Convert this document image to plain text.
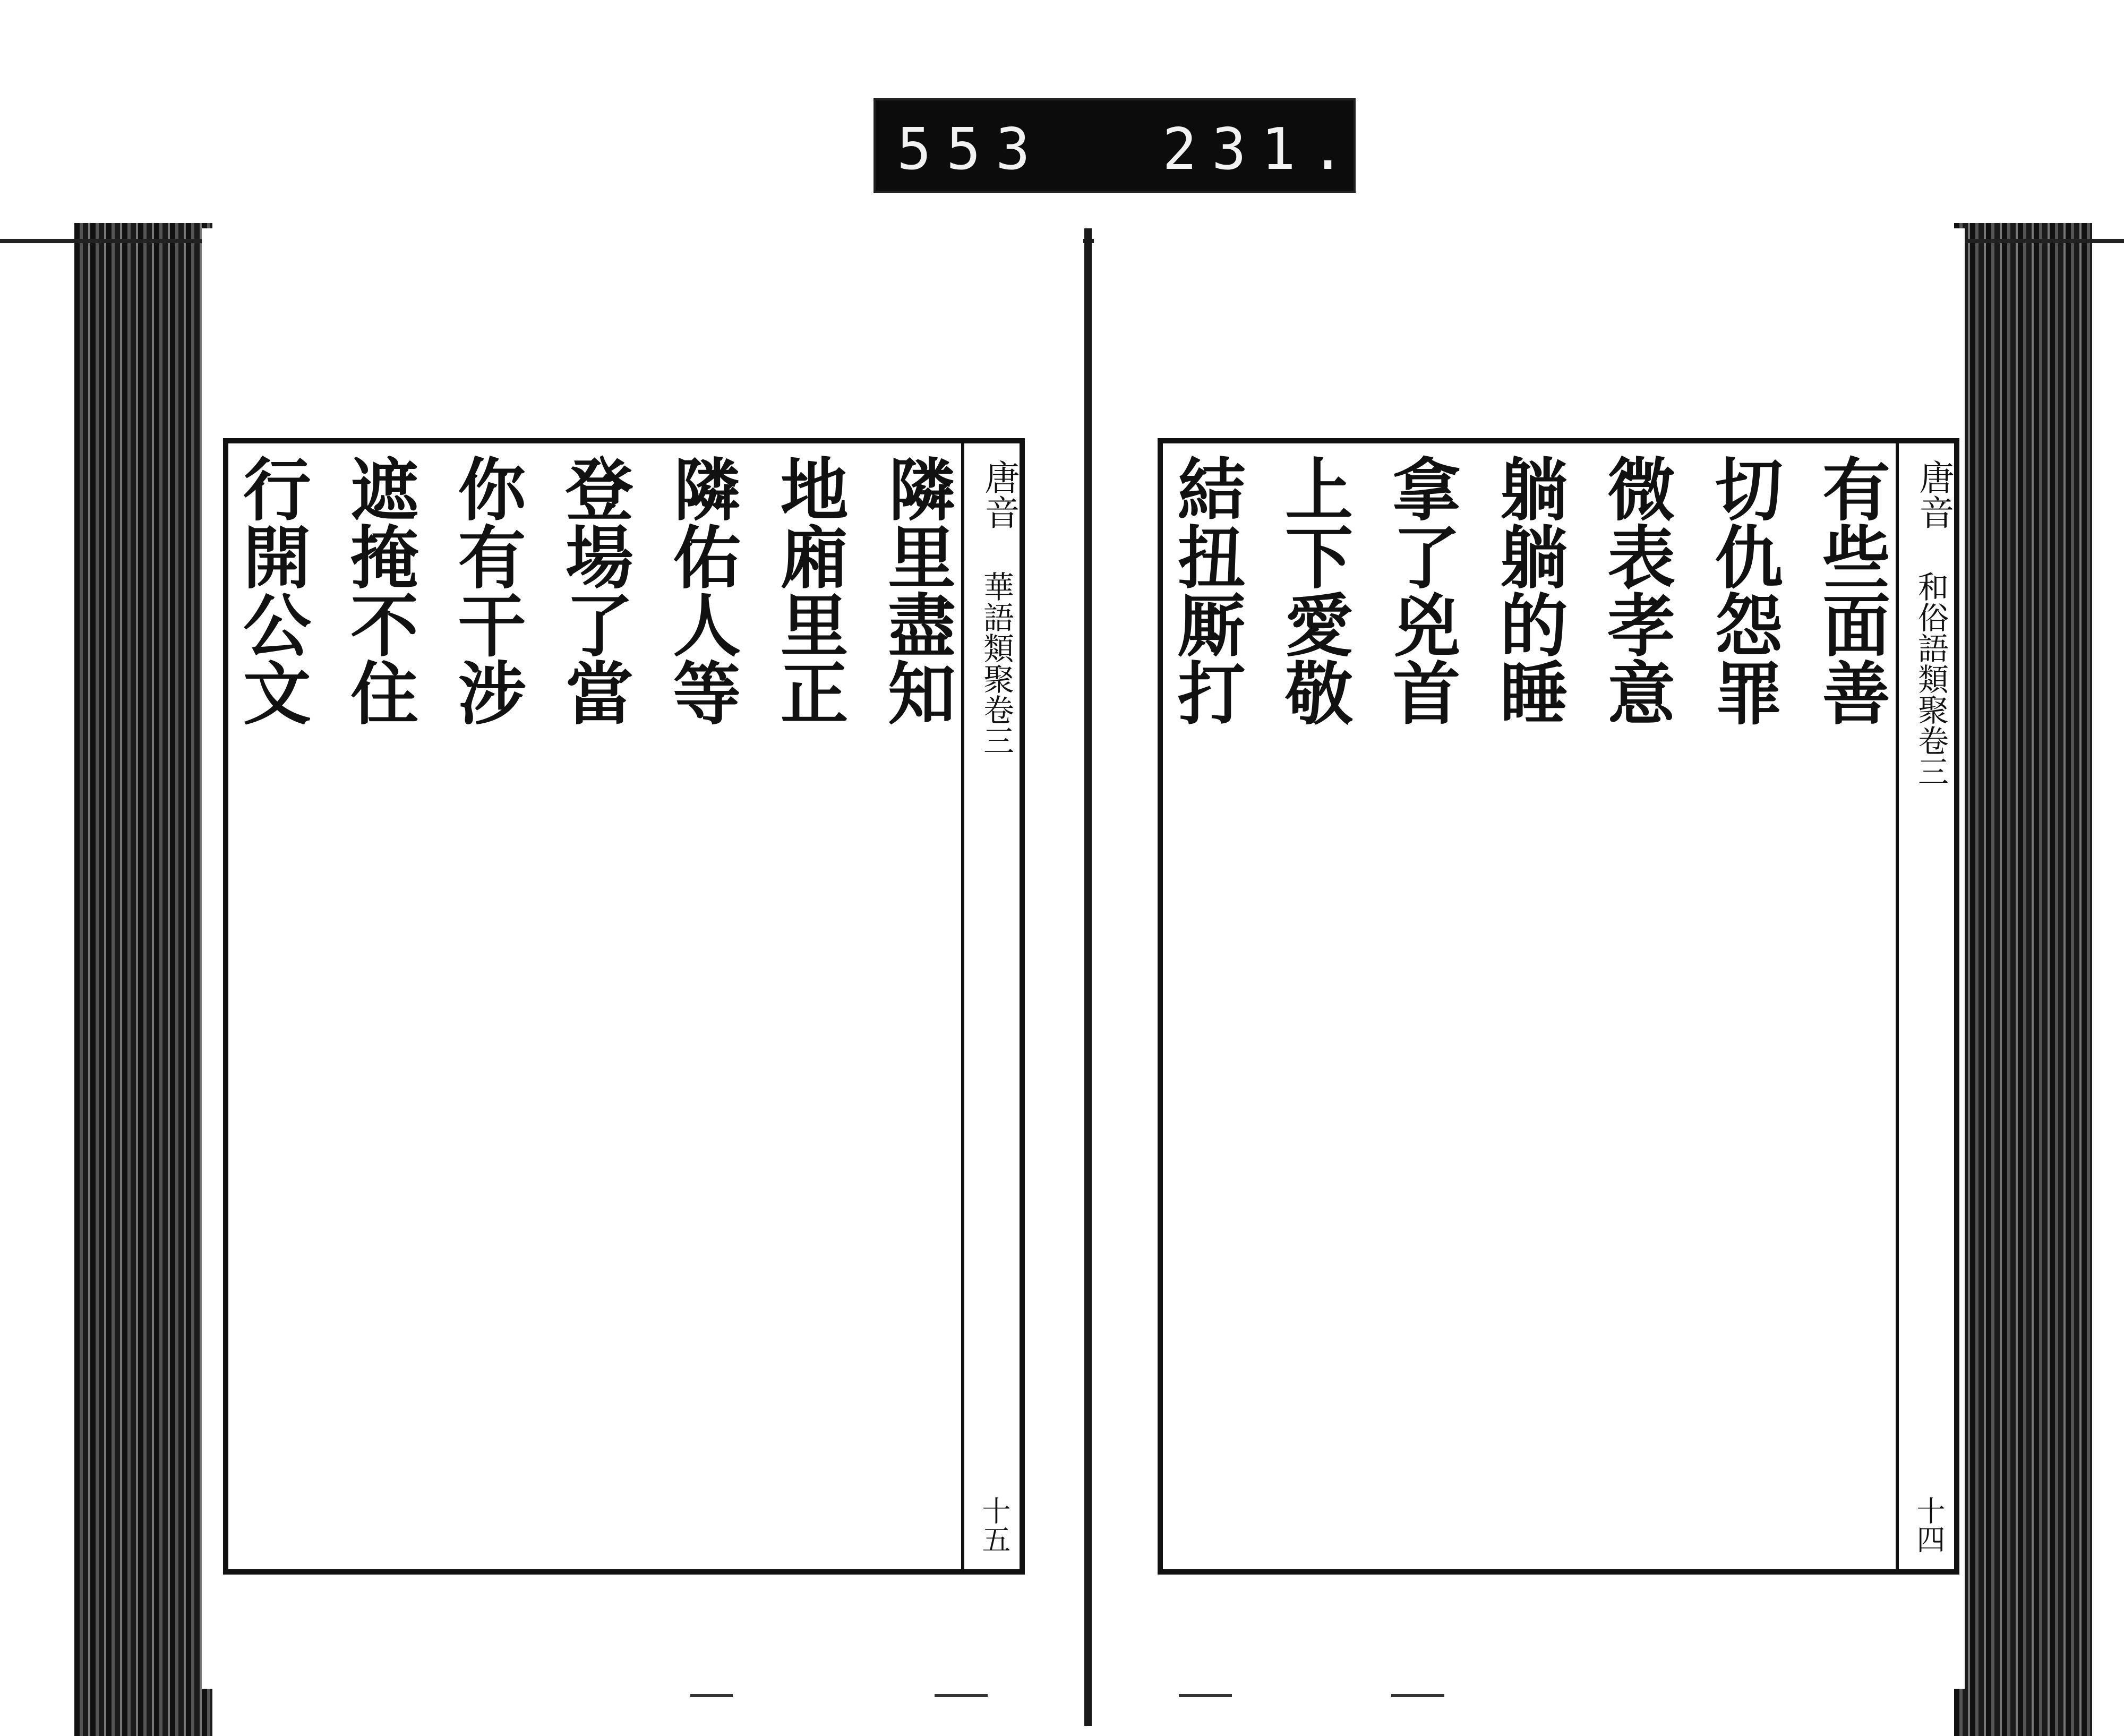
553 231.
唐音
華語類聚卷三
十五
隣里盡知
地廂里正
隣佑人等
登場了當
你有干涉
遮掩不住
行開公文	唐音
和俗語類聚卷三
十四
有些面善
切仇怨罪
微表孝意
躺躺的睡
拿了兇首
上下愛敬
結扭厮打
